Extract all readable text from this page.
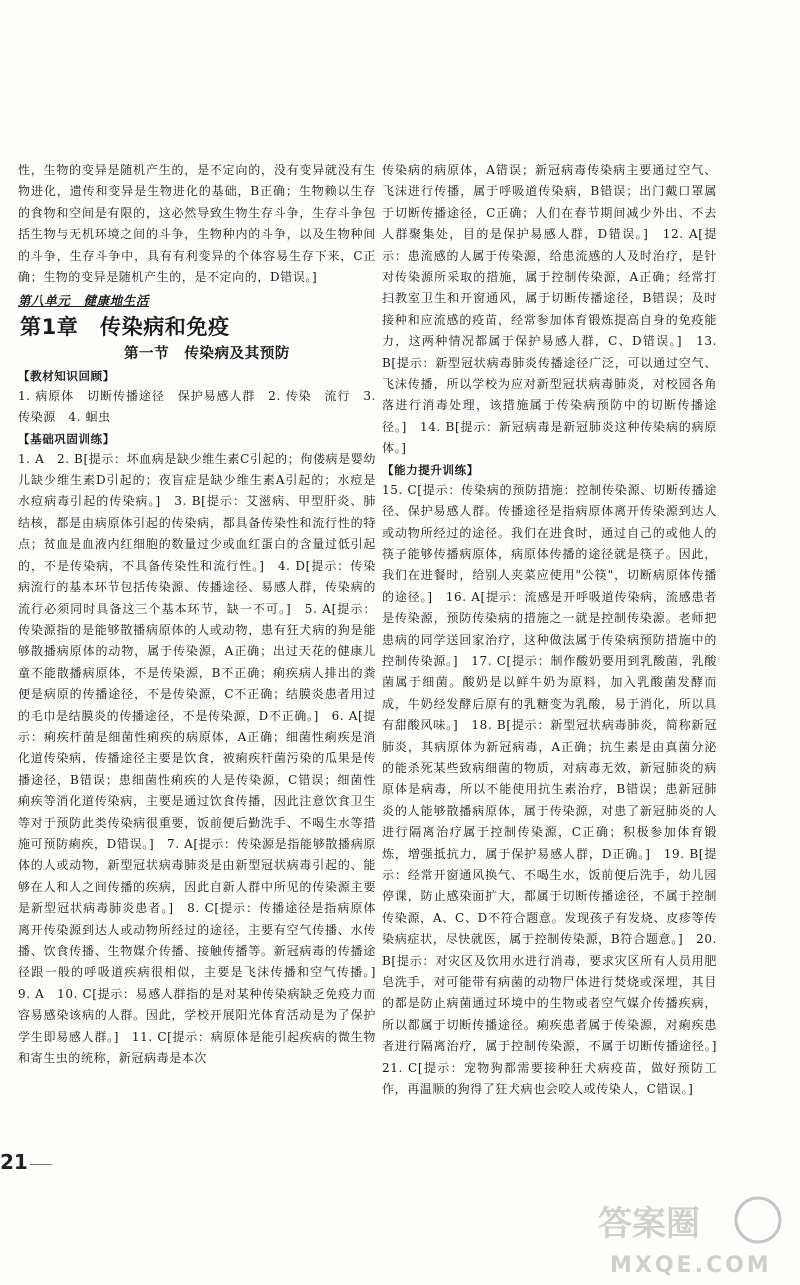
性，生物的变异是随机产生的，是不定向的，没有变异就没有生物进化，遗传和变异是生物进化的基础，B正确；生物赖以生存的食物和空间是有限的，这必然导致生物生存斗争，生存斗争包括生物与无机环境之间的斗争，生物种内的斗争，以及生物种间的斗争，生存斗争中，具有有利变异的个体容易生存下来，C正确；生物的变异是随机产生的，是不定向的，D错误。]

第八单元　健康地生活
第1章　传染病和免疫
第一节　传染病及其预防
【教材知识回顾】

1. 病原体　切断传播途径　保护易感人群　2. 传染　流行　3. 传染源　4. 蛔虫

【基础巩固训练】

1. A　2. B[提示：坏血病是缺少维生素C引起的；佝偻病是婴幼儿缺少维生素D引起的；夜盲症是缺少维生素A引起的；水痘是水痘病毒引起的传染病。]　3. B[提示：艾滋病、甲型肝炎、肺结核，都是由病原体引起的传染病，都具备传染性和流行性的特点；贫血是血液内红细胞的数量过少或血红蛋白的含量过低引起的，不是传染病，不具备传染性和流行性。]　4. D[提示：传染病流行的基本环节包括传染源、传播途径、易感人群，传染病的流行必须同时具备这三个基本环节，缺一不可。]　5. A[提示：传染源指的是能够散播病原体的人或动物，患有狂犬病的狗是能够散播病原体的动物，属于传染源，A正确；出过天花的健康儿童不能散播病原体，不是传染源，B不正确；痢疾病人排出的粪便是病原的传播途径，不是传染源，C不正确；结膜炎患者用过的毛巾是结膜炎的传播途径，不是传染源，D不正确。]　6. A[提示：痢疾杆菌是细菌性痢疾的病原体，A正确；细菌性痢疾是消化道传染病，传播途径主要是饮食，被痢疾杆菌污染的瓜果是传播途径，B错误；患细菌性痢疾的人是传染源，C错误；细菌性痢疾等消化道传染病，主要是通过饮食传播，因此注意饮食卫生等对于预防此类传染病很重要，饭前便后勤洗手、不喝生水等措施可预防痢疾，D错误。]　7. A[提示：传染源是指能够散播病原体的人或动物，新型冠状病毒肺炎是由新型冠状病毒引起的、能够在人和人之间传播的疾病，因此自新人群中所见的传染源主要是新型冠状病毒肺炎患者。]　8. C[提示：传播途径是指病原体离开传染源到达人或动物所经过的途径，主要有空气传播、水传播、饮食传播、生物媒介传播、接触传播等。新冠病毒的传播途径跟一般的呼吸道疾病很相似，主要是飞沫传播和空气传播。]　9. A　10. C[提示：易感人群指的是对某种传染病缺乏免疫力而容易感染该病的人群。因此，学校开展阳光体育活动是为了保护学生即易感人群。]　11. C[提示：病原体是能引起疾病的微生物和寄生虫的统称，新冠病毒是本次

传染病的病原体，A错误；新冠病毒传染病主要通过空气、飞沫进行传播，属于呼吸道传染病，B错误；出门戴口罩属于切断传播途径，C正确；人们在春节期间减少外出、不去人群聚集处，目的是保护易感人群，D错误。]　12. A[提示：患流感的人属于传染源，给患流感的人及时治疗，是针对传染源所采取的措施，属于控制传染源，A正确；经常打扫教室卫生和开窗通风，属于切断传播途径，B错误；及时接种和应流感的疫苗，经常参加体育锻炼提高自身的免疫能力，这两种情况都属于保护易感人群，C、D错误。]　13. B[提示：新型冠状病毒肺炎传播途径广泛，可以通过空气、飞沫传播，所以学校为应对新型冠状病毒肺炎，对校园各角落进行消毒处理，该措施属于传染病预防中的切断传播途径。]　14. B[提示：新冠病毒是新冠肺炎这种传染病的病原体。]

【能力提升训练】

15. C[提示：传染病的预防措施：控制传染源、切断传播途径、保护易感人群。传播途径是指病原体离开传染源到达人或动物所经过的途径。我们在进食时，通过自己的或他人的筷子能够传播病原体，病原体传播的途径就是筷子。因此，我们在进餐时，给别人夹菜应使用"公筷"，切断病原体传播的途径。]　16. A[提示：流感是开呼吸道传染病，流感患者是传染源，预防传染病的措施之一就是控制传染源。老师把患病的同学送回家治疗，这种做法属于传染病预防措施中的控制传染源。]　17. C[提示：制作酸奶要用到乳酸菌，乳酸菌属于细菌。酸奶是以鲜牛奶为原料，加入乳酸菌发酵而成，牛奶经发酵后原有的乳糖变为乳酸，易于消化，所以具有甜酸风味。]　18. B[提示：新型冠状病毒肺炎，简称新冠肺炎，其病原体为新冠病毒，A正确；抗生素是由真菌分泌的能杀死某些致病细菌的物质，对病毒无效，新冠肺炎的病原体是病毒，所以不能使用抗生素治疗，B错误；患新冠肺炎的人能够散播病原体，属于传染源，对患了新冠肺炎的人进行隔离治疗属于控制传染源，C正确；积极参加体育锻炼，增强抵抗力，属于保护易感人群，D正确。]　19. B[提示：经常开窗通风换气、不喝生水，饭前便后洗手，幼儿园停课，防止感染面扩大，都属于切断传播途径，不属于控制传染源，A、C、D不符合题意。发现孩子有发烧、皮疹等传染病症状，尽快就医，属于控制传染源，B符合题意。]　20. B[提示：对灾区及饮用水进行消毒，要求灾区所有人员用肥皂洗手，对可能带有病菌的动物尸体进行焚烧或深埋，其目的都是防止病菌通过环境中的生物或者空气媒介传播疾病，所以都属于切断传播途径。痢疾患者属于传染源，对痢疾患者进行隔离治疗，属于控制传染源，不属于切断传播途径。]　21. C[提示：宠物狗都需要接种狂犬病疫苗，做好预防工作，再温顺的狗得了狂犬病也会咬人或传染人，C错误。]

21
答案圈
MXQE.COM
